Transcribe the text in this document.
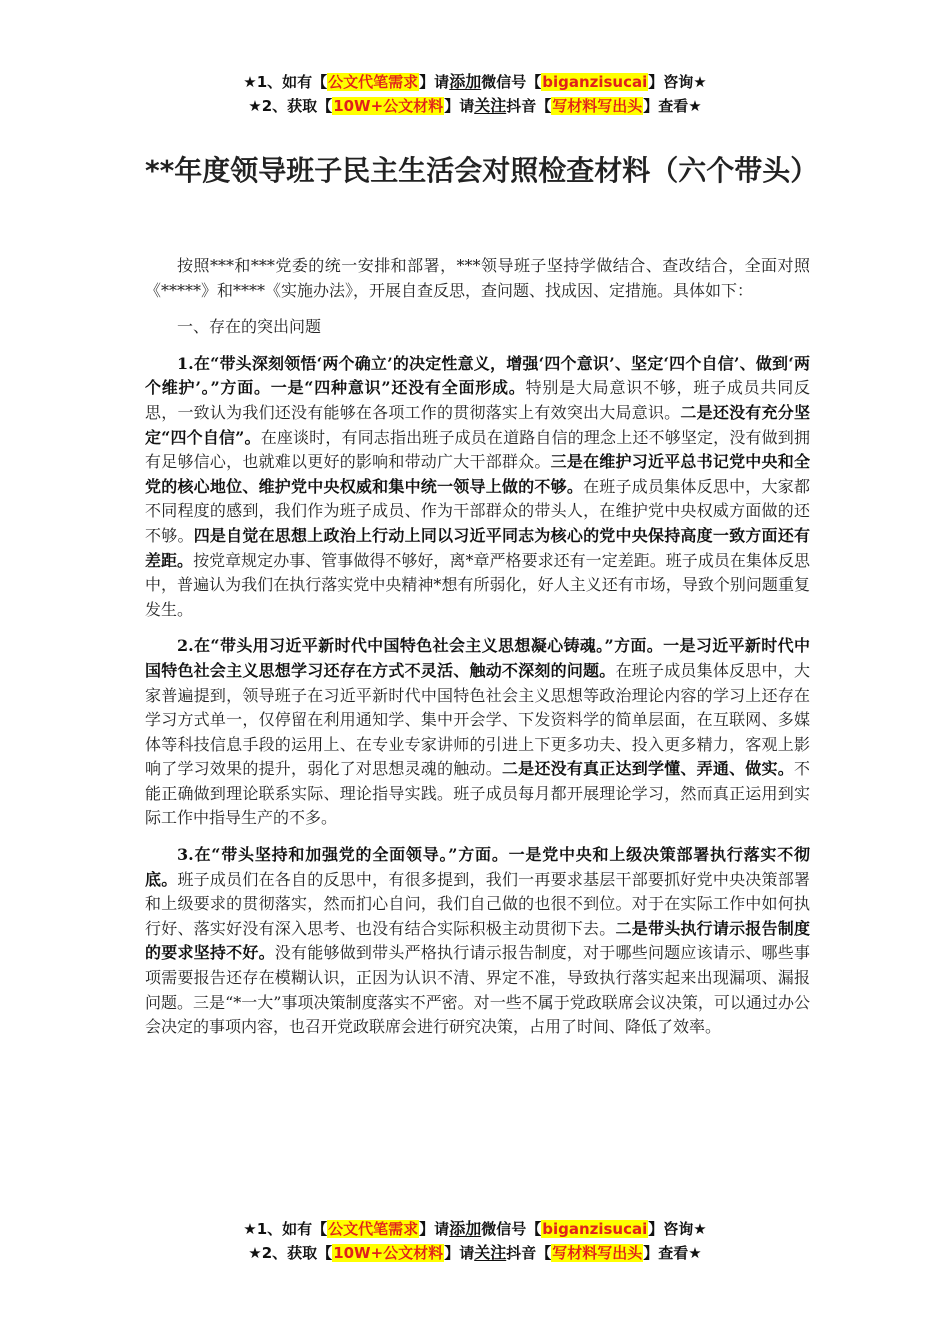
★1、如有【公文代笔需求】请添加微信号【biganzisucai】咨询★
★2、获取【10W+公文材料】请关注抖音【写材料写出头】查看★
**年度领导班子民主生活会对照检查材料（六个带头）

按照***和***党委的统一安排和部署，***领导班子坚持学做结合、查改结合，全面对照《*****》和****《实施办法》，开展自查反思，查问题、找成因、定措施。具体如下：

一、存在的突出问题

1.在“带头深刻领悟‘两个确立’的决定性意义，增强‘四个意识’、坚定‘四个自信’、做到‘两个维护’。”方面。一是“四种意识”还没有全面形成。特别是大局意识不够，班子成员共同反思，一致认为我们还没有能够在各项工作的贯彻落实上有效突出大局意识。二是还没有充分坚定“四个自信”。在座谈时，有同志指出班子成员在道路自信的理念上还不够坚定，没有做到拥有足够信心，也就难以更好的影响和带动广大干部群众。三是在维护习近平总书记党中央和全党的核心地位、维护党中央权威和集中统一领导上做的不够。在班子成员集体反思中，大家都不同程度的感到，我们作为班子成员、作为干部群众的带头人，在维护党中央权威方面做的还不够。四是自觉在思想上政治上行动上同以习近平同志为核心的党中央保持高度一致方面还有差距。按党章规定办事、管事做得不够好，离*章严格要求还有一定差距。班子成员在集体反思中，普遍认为我们在执行落实党中央精神*想有所弱化，好人主义还有市场，导致个别问题重复发生。

2.在“带头用习近平新时代中国特色社会主义思想凝心铸魂。”方面。一是习近平新时代中国特色社会主义思想学习还存在方式不灵活、触动不深刻的问题。在班子成员集体反思中，大家普遍提到，领导班子在习近平新时代中国特色社会主义思想等政治理论内容的学习上还存在学习方式单一，仅停留在利用通知学、集中开会学、下发资料学的简单层面，在互联网、多媒体等科技信息手段的运用上、在专业专家讲师的引进上下更多功夫、投入更多精力，客观上影响了学习效果的提升，弱化了对思想灵魂的触动。二是还没有真正达到学懂、弄通、做实。不能正确做到理论联系实际、理论指导实践。班子成员每月都开展理论学习，然而真正运用到实际工作中指导生产的不多。

3.在“带头坚持和加强党的全面领导。”方面。一是党中央和上级决策部署执行落实不彻底。班子成员们在各自的反思中，有很多提到，我们一再要求基层干部要抓好党中央决策部署和上级要求的贯彻落实，然而扪心自问，我们自己做的也很不到位。对于在实际工作中如何执行好、落实好没有深入思考、也没有结合实际积极主动贯彻下去。二是带头执行请示报告制度的要求坚持不好。没有能够做到带头严格执行请示报告制度，对于哪些问题应该请示、哪些事项需要报告还存在模糊认识，正因为认识不清、界定不准，导致执行落实起来出现漏项、漏报问题。三是“*一大”事项决策制度落实不严密。对一些不属于党政联席会议决策，可以通过办公会决定的事项内容，也召开党政联席会进行研究决策，占用了时间、降低了效率。

★1、如有【公文代笔需求】请添加微信号【biganzisucai】咨询★
★2、获取【10W+公文材料】请关注抖音【写材料写出头】查看★
